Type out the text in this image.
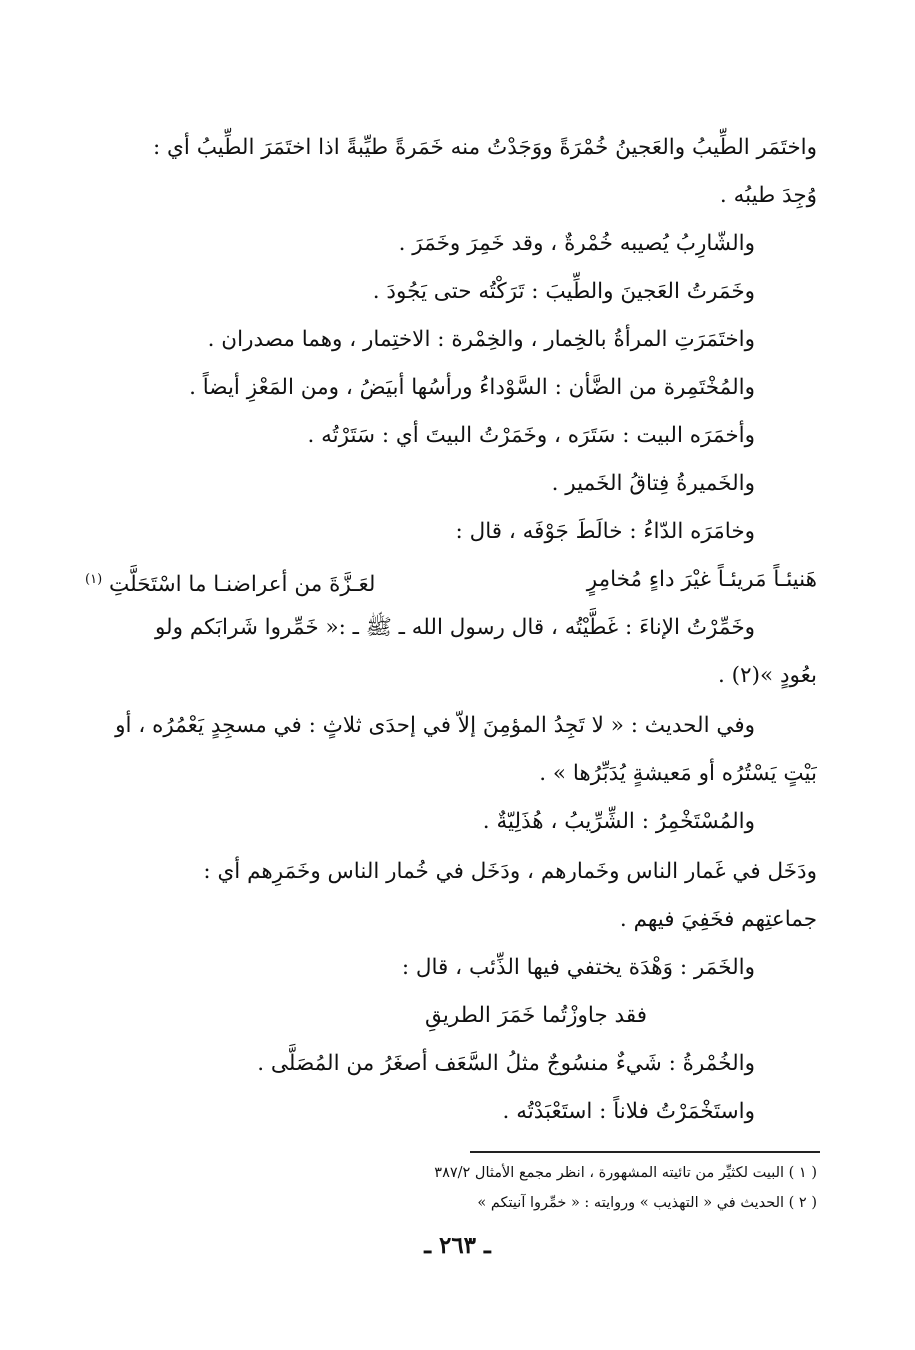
واختَمَر الطِّيبُ والعَجينُ خُمْرَةً ووَجَدْتُ منه خَمَرةً طيِّبةً اذا اختَمَرَ الطِّيبُ أي :
وُجِدَ طيبُه .
والشّارِبُ يُصيبه خُمْرةٌ ، وقد خَمِرَ وخَمَرَ .
وخَمَرتُ العَجينَ والطِّيبَ : تَرَكْتُه حتى يَجُودَ .
واختَمَرَتِ المرأةُ بالخِمار ، والخِمْرة : الاختِمار ، وهما مصدران .
والمُخْتَمِرة من الضَّأن : السَّوْداءُ ورأسُها أبيَضُ ، ومن المَعْزِ أيضاً .
وأخمَرَه البيت : سَتَرَه ، وخَمَرْتُ البيتَ أي : سَتَرْتُه .
والخَميرةُ فِتاقُ الخَمير .
وخامَرَه الدّاءُ : خالَطَ جَوْفَه ، قال :
هَنيئـاً مَريئـاً غيْرَ داءٍ مُخامِرٍ
لعَـزَّةَ من أعراضنـا ما اسْتَحَلَّتِ $^{(١)}$
وخَمِّرْتُ الإناءَ : غَطَّيْتُه ، قال رسول الله ـ ﷺ ـ :« خَمِّروا شَرابَكم ولو
بعُودٍ »(٢) .
وفي الحديث : « لا تَجِدُ المؤمِنَ إلاّ في إحدَى ثلاثٍ : في مسجِدٍ يَعْمُرُه ، أو
بَيْتٍ يَسْتُرُه أو مَعيشةٍ يُدَبِّرُها » .
والمُسْتَخْمِرُ : الشِّرِّيبُ ، هُذَلِيّةٌ .
ودَخَل في غَمار الناس وخَمارهم ، ودَخَل في خُمار الناس وخَمَرِهم أي :
جماعتِهم فخَفِيَ فيهم .
والخَمَر : وَهْدَة يختفي فيها الذِّئب ، قال :
فقد جاوزْتُما خَمَرَ الطريقِ
والخُمْرةُ : شَيءٌ منسُوجٌ مثلُ السَّعَف أصغَرُ من المُصَلَّى .
واستَخْمَرْتُ فلاناً : استَعْبَدْتُه .
( ١ ) البيت لكثيِّر من تائيته المشهورة ، انظر مجمع الأمثال ٣٨٧/٢
( ٢ ) الحديث في « التهذيب » وروايته : « خمِّروا آنيتكم »
ـ ٢٦٣ ـ
